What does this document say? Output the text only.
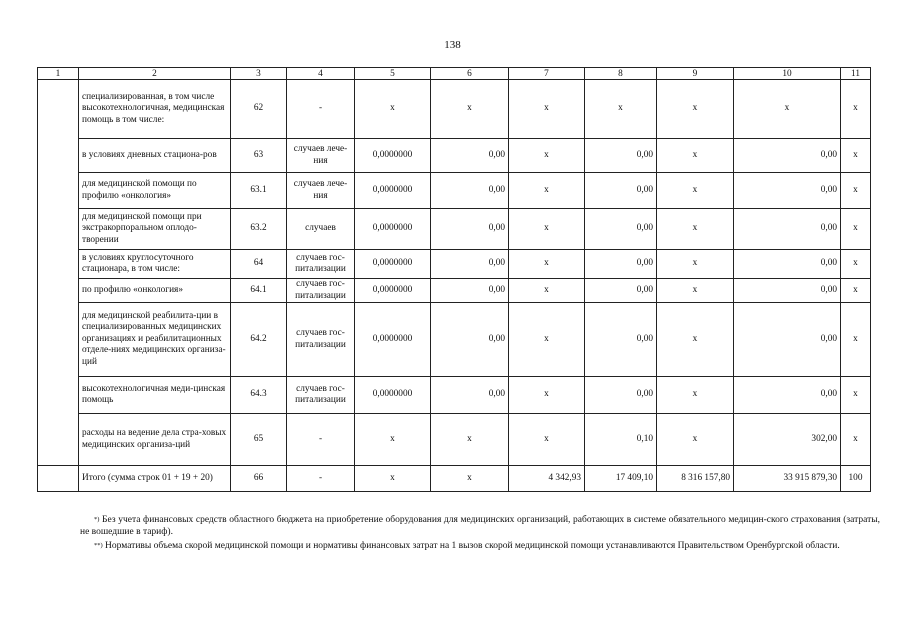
138
1	2	3	4	5	6	7	8	9	10	11
	специализированная, в том числе высокотехнологичная, медицинская помощь в том числе:	62	-	х	х	х	х	х	х	х
	в условиях дневных стациона-ров	63	случаев лече-ния	0,0000000	0,00	х	0,00	х	0,00	х
	для медицинской помощи по профилю «онкология»	63.1	случаев лече-ния	0,0000000	0,00	х	0,00	х	0,00	х
	для медицинской помощи при экстракорпоральном оплодо-творении	63.2	случаев	0,0000000	0,00	х	0,00	х	0,00	х
	в условиях круглосуточного стационара, в том числе:	64	случаев гос-питализации	0,0000000	0,00	х	0,00	х	0,00	х
	по профилю «онкология»	64.1	случаев гос-питализации	0,0000000	0,00	х	0,00	х	0,00	х
	для медицинской реабилита-ции в специализированных медицинских организациях и реабилитационных отделе-ниях медицинских организа-ций	64.2	случаев гос-питализации	0,0000000	0,00	х	0,00	х	0,00	х
	высокотехнологичная меди-цинская помощь	64.3	случаев гос-питализации	0,0000000	0,00	х	0,00	х	0,00	х
	расходы на ведение дела стра-ховых медицинских организа-ций	65	-	х	х	х	0,10	х	302,00	х
	Итого (сумма строк 01 + 19 + 20)	66	-	х	х	4 342,93	17 409,10	8 316 157,80	33 915 879,30	100
*) Без учета финансовых средств областного бюджета на приобретение оборудования для медицинских организаций, работающих в системе обязательного медицин-ского страхования (затраты, не вошедшие в тариф).
**) Нормативы объема скорой медицинской помощи и нормативы финансовых затрат на 1 вызов скорой медицинской помощи устанавливаются Правительством Оренбургской области.
